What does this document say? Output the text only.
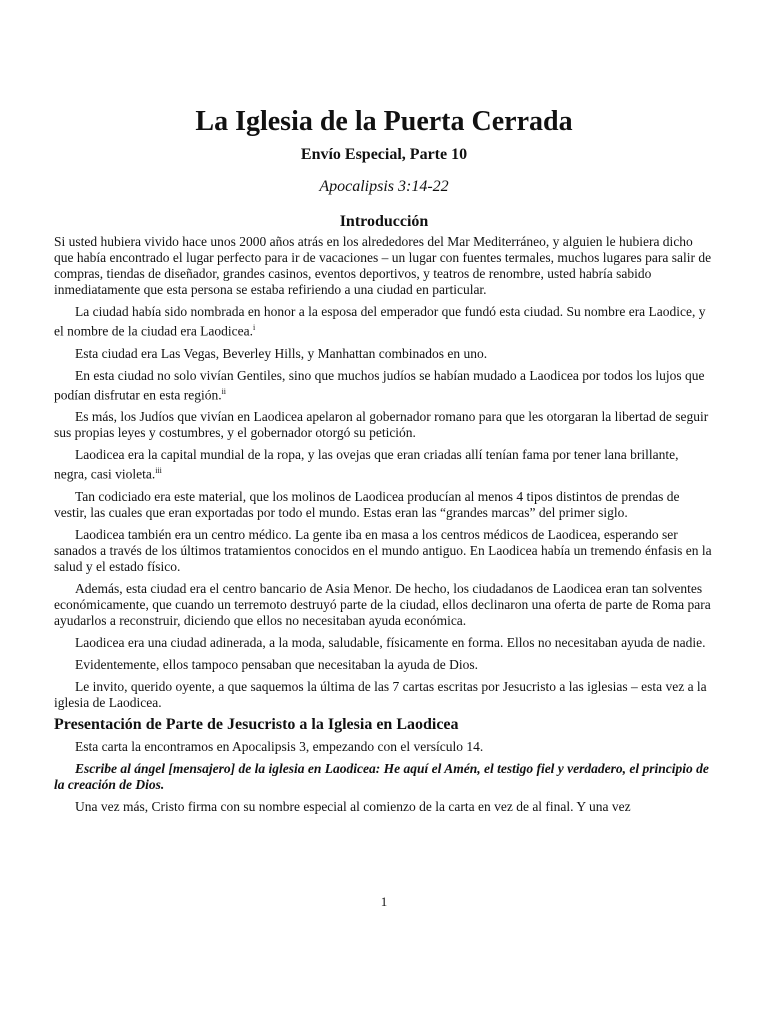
La Iglesia de la Puerta Cerrada
Envío Especial, Parte 10
Apocalipsis 3:14-22
Introducción

Si usted hubiera vivido hace unos 2000 años atrás en los alrededores del Mar Mediterráneo, y alguien le hubiera dicho que había encontrado el lugar perfecto para ir de vacaciones – un lugar con fuentes termales, muchos lugares para salir de compras, tiendas de diseñador, grandes casinos, eventos deportivos, y teatros de renombre, usted habría sabido inmediatamente que esta persona se estaba refiriendo a una ciudad en particular.

La ciudad había sido nombrada en honor a la esposa del emperador que fundó esta ciudad. Su nombre era Laodice, y el nombre de la ciudad era Laodicea.$^i$

Esta ciudad era Las Vegas, Beverley Hills, y Manhattan combinados en uno.

En esta ciudad no solo vivían Gentiles, sino que muchos judíos se habían mudado a Laodicea por todos los lujos que podían disfrutar en esta región.$^{ii}$

Es más, los Judíos que vivían en Laodicea apelaron al gobernador romano para que les otorgaran la libertad de seguir sus propias leyes y costumbres, y el gobernador otorgó su petición.

Laodicea era la capital mundial de la ropa, y las ovejas que eran criadas allí tenían fama por tener lana brillante, negra, casi violeta.$^{iii}$

Tan codiciado era este material, que los molinos de Laodicea producían al menos 4 tipos distintos de prendas de vestir, las cuales que eran exportadas por todo el mundo. Estas eran las “grandes marcas” del primer siglo.

Laodicea también era un centro médico. La gente iba en masa a los centros médicos de Laodicea, esperando ser sanados a través de los últimos tratamientos conocidos en el mundo antiguo. En Laodicea había un tremendo énfasis en la salud y el estado físico.

Además, esta ciudad era el centro bancario de Asia Menor. De hecho, los ciudadanos de Laodicea eran tan solventes económicamente, que cuando un terremoto destruyó parte de la ciudad, ellos declinaron una oferta de parte de Roma para ayudarlos a reconstruir, diciendo que ellos no necesitaban ayuda económica.

Laodicea era una ciudad adinerada, a la moda, saludable, físicamente en forma. Ellos no necesitaban ayuda de nadie.

Evidentemente, ellos tampoco pensaban que necesitaban la ayuda de Dios.

Le invito, querido oyente, a que saquemos la última de las 7 cartas escritas por Jesucristo a las iglesias – esta vez a la iglesia de Laodicea.

Presentación de Parte de Jesucristo a la Iglesia en Laodicea

Esta carta la encontramos en Apocalipsis 3, empezando con el versículo 14.

Escribe al ángel [mensajero] de la iglesia en Laodicea: He aquí el Amén, el testigo fiel y verdadero, el principio de la creación de Dios.

Una vez más, Cristo firma con su nombre especial al comienzo de la carta en vez de al final. Y una vez

1
